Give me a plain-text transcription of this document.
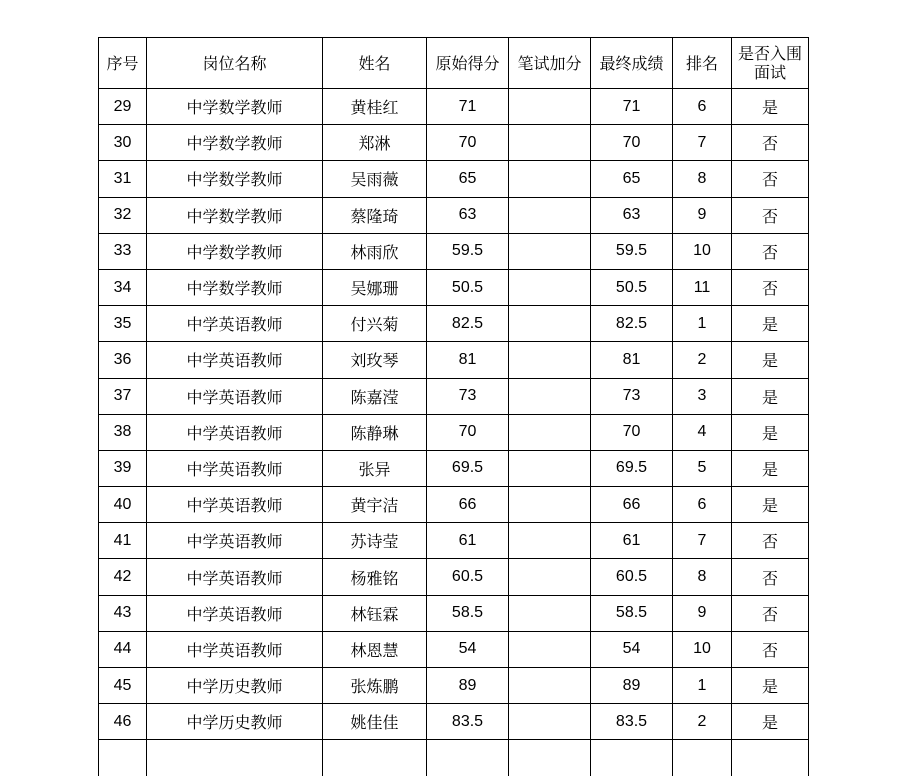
序号	岗位名称	姓名	原始得分	笔试加分	最终成绩	排名	是否入围面试
29	中学数学教师	黄桂红	71		71	6	是
30	中学数学教师	郑淋	70		70	7	否
31	中学数学教师	吴雨薇	65		65	8	否
32	中学数学教师	蔡隆琦	63		63	9	否
33	中学数学教师	林雨欣	59.5		59.5	10	否
34	中学数学教师	吴娜珊	50.5		50.5	11	否
35	中学英语教师	付兴菊	82.5		82.5	1	是
36	中学英语教师	刘玫琴	81		81	2	是
37	中学英语教师	陈嘉滢	73		73	3	是
38	中学英语教师	陈静琳	70		70	4	是
39	中学英语教师	张异	69.5		69.5	5	是
40	中学英语教师	黄宇洁	66		66	6	是
41	中学英语教师	苏诗莹	61		61	7	否
42	中学英语教师	杨雅铭	60.5		60.5	8	否
43	中学英语教师	林钰霖	58.5		58.5	9	否
44	中学英语教师	林恩慧	54		54	10	否
45	中学历史教师	张炼鹏	89		89	1	是
46	中学历史教师	姚佳佳	83.5		83.5	2	是
